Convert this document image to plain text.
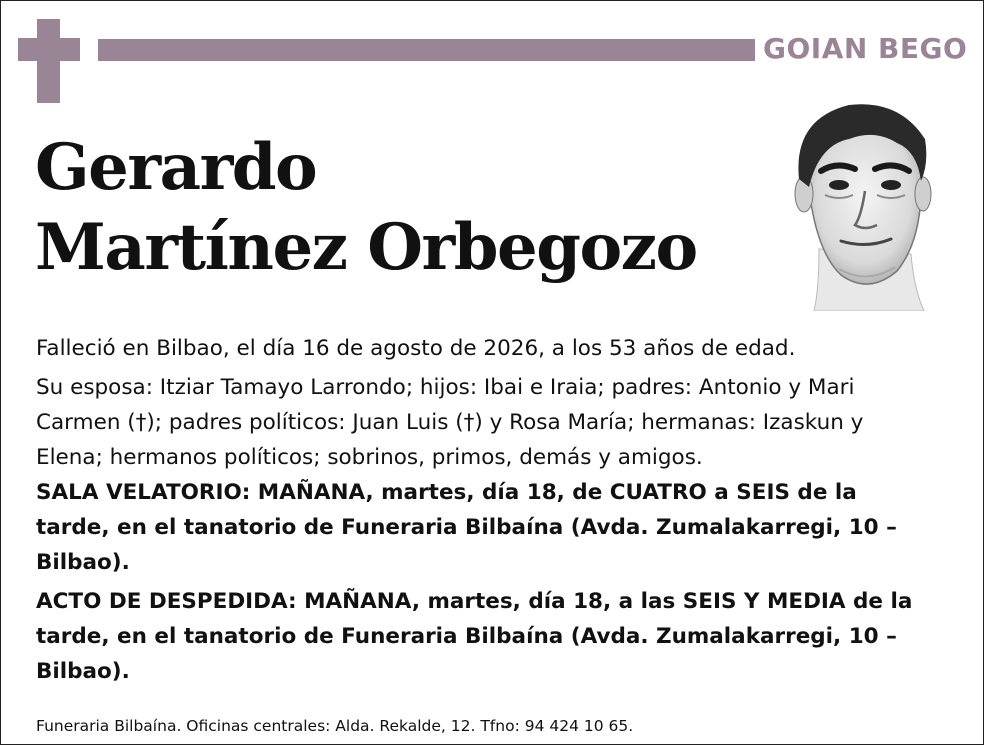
GOIAN BEGO
Gerardo
Martínez Orbegozo

Falleció en Bilbao, el día 16 de agosto de 2026, a los 53 años de edad.

Su esposa: Itziar Tamayo Larrondo; hijos: Ibai e Iraia; padres: Antonio y Mari Carmen (†); padres políticos: Juan Luis (†) y Rosa María; hermanas: Izaskun y Elena; hermanos políticos; sobrinos, primos, demás y amigos.

SALA VELATORIO: MAÑANA, martes, día 18, de CUATRO a SEIS de la tarde, en el tanatorio de Funeraria Bilbaína (Avda. Zumalakarregi, 10 – Bilbao).

ACTO DE DESPEDIDA: MAÑANA, martes, día 18, a las SEIS Y MEDIA de la tarde, en el tanatorio de Funeraria Bilbaína (Avda. Zumalakarregi, 10 – Bilbao).

Funeraria Bilbaína. Oficinas centrales: Alda. Rekalde, 12. Tfno: 94 424 10 65.
